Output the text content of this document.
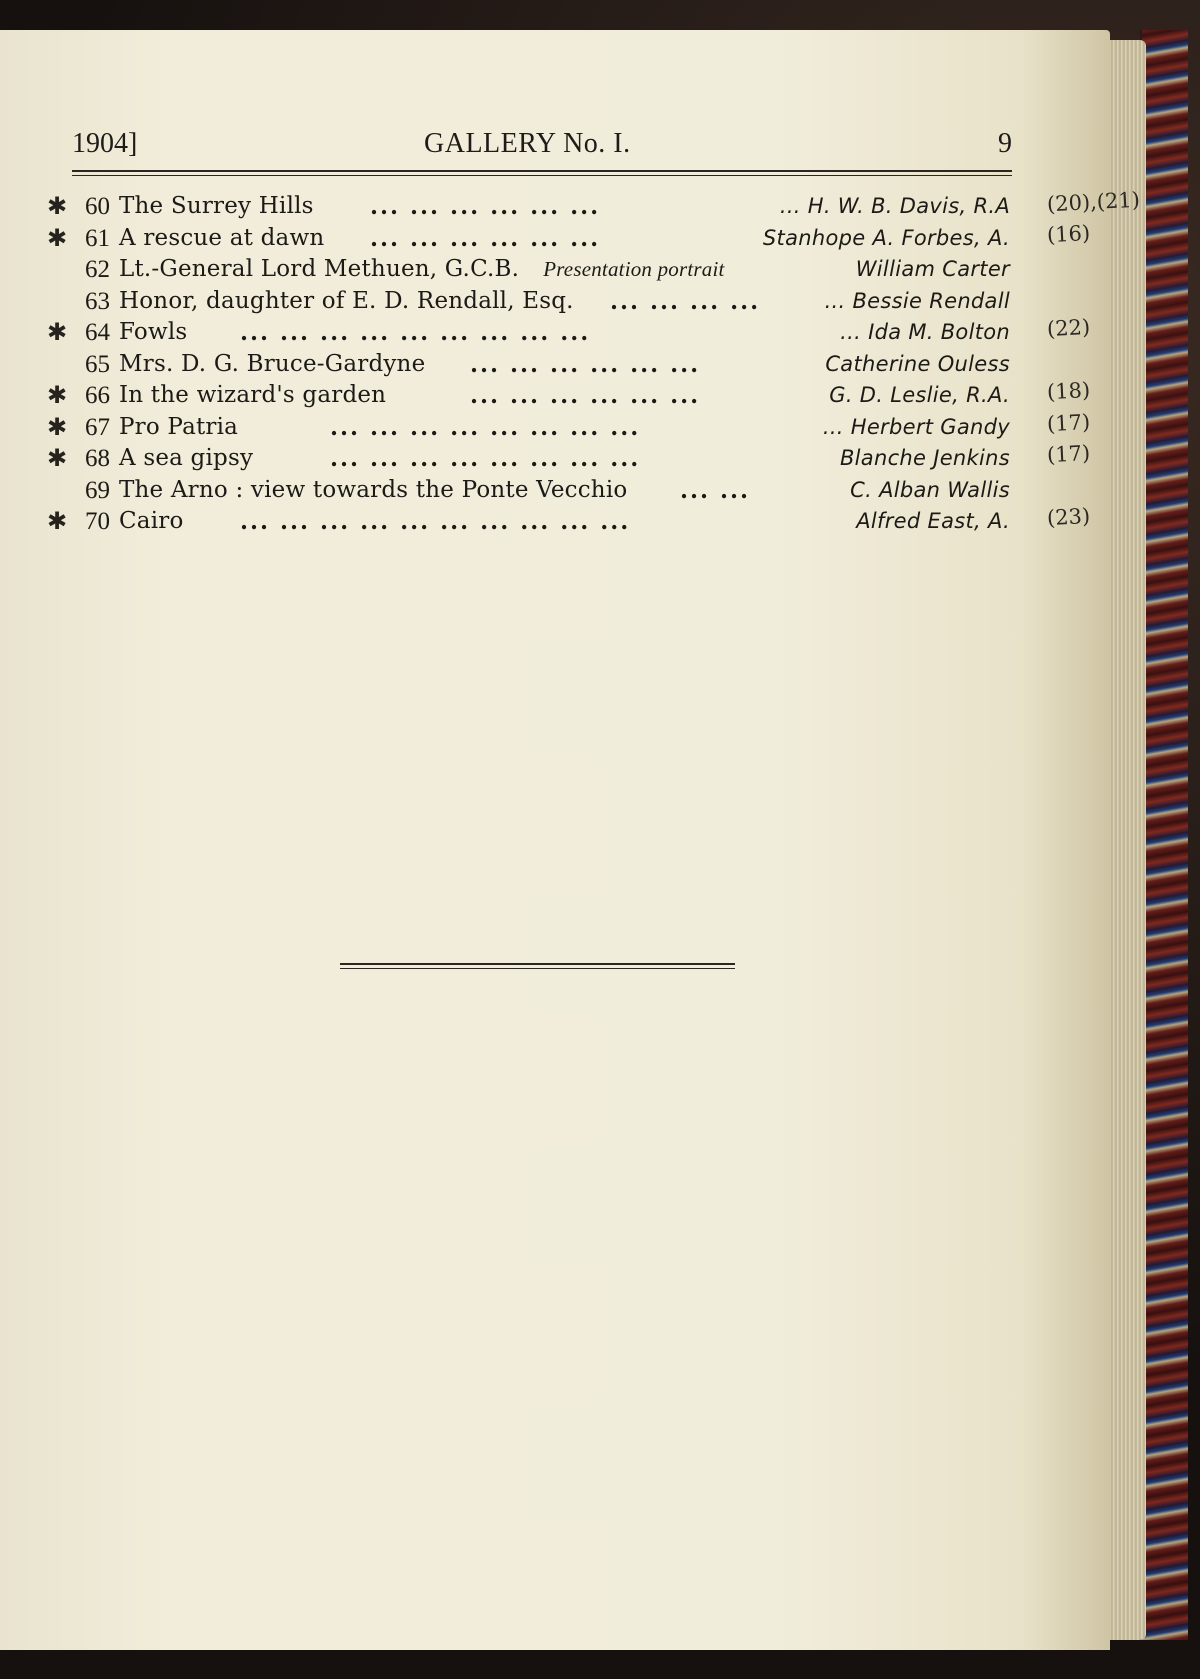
1904]	GALLERY No. I.	9
✱ 60 The Surrey Hills ... ... ... ... ... ...	... H. W. B. Davis, R.A (20),(21)
✱ 61 A rescue at dawn ... ... ... ... ... ...	Stanhope A. Forbes, A. (16)
62 Lt.-General Lord Methuen, G.C.B. Presentation portrait	William Carter
63 Honor, daughter of E. D. Rendall, Esq. ... ... ... ...	... Bessie Rendall
✱ 64 Fowls ... ... ... ... ... ... ... ... ...	... Ida M. Bolton (22)
65 Mrs. D. G. Bruce-Gardyne ... ... ... ... ... ...	Catherine Ouless
✱ 66 In the wizard's garden	... ... ... ... ... ...	G. D. Leslie, R.A. (18)
✱ 67 Pro Patria	... ... ... ... ... ... ... ...	... Herbert Gandy (17)
✱ 68 A sea gipsy	... ... ... ... ... ... ... ...	Blanche Jenkins (17)
69 The Arno : view towards the Ponte Vecchio ... ...	C. Alban Wallis
✱ 70 Cairo ... ... ... ... ... ... ... ... ... ...	Alfred East, A. (23)
